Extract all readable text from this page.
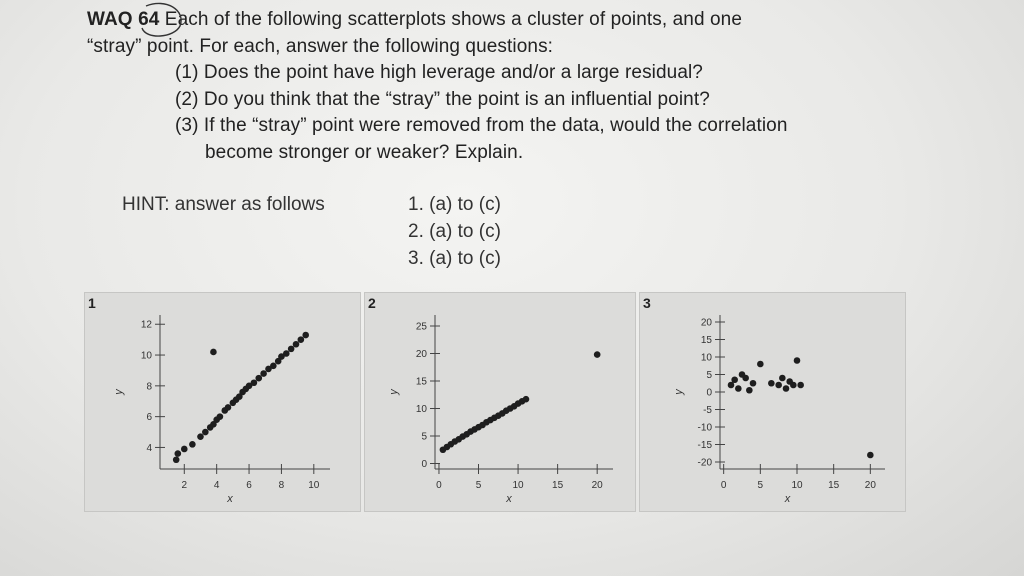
WAQ 64 Each of the following scatterplots shows a cluster of points, and one
“stray” point. For each, answer the following questions:
(1) Does the point have high leverage and/or a large residual?
(2) Do you think that the “stray” the point is an influential point?
(3) If the “stray” point were removed from the data, would the correlation
become stronger or weaker? Explain.
HINT: answer as follows	1. (a) to (c)
2. (a) to (c)
3. (a) to (c)
1
2	4	6	8 10
4
6
8
10
12
x
y
2
0	5	10	15	20
0
5
10
15
20
25
x
y
3
0	5	10	15	20
-20
-15
-10
-5
0
5
10
15
20
x
y
